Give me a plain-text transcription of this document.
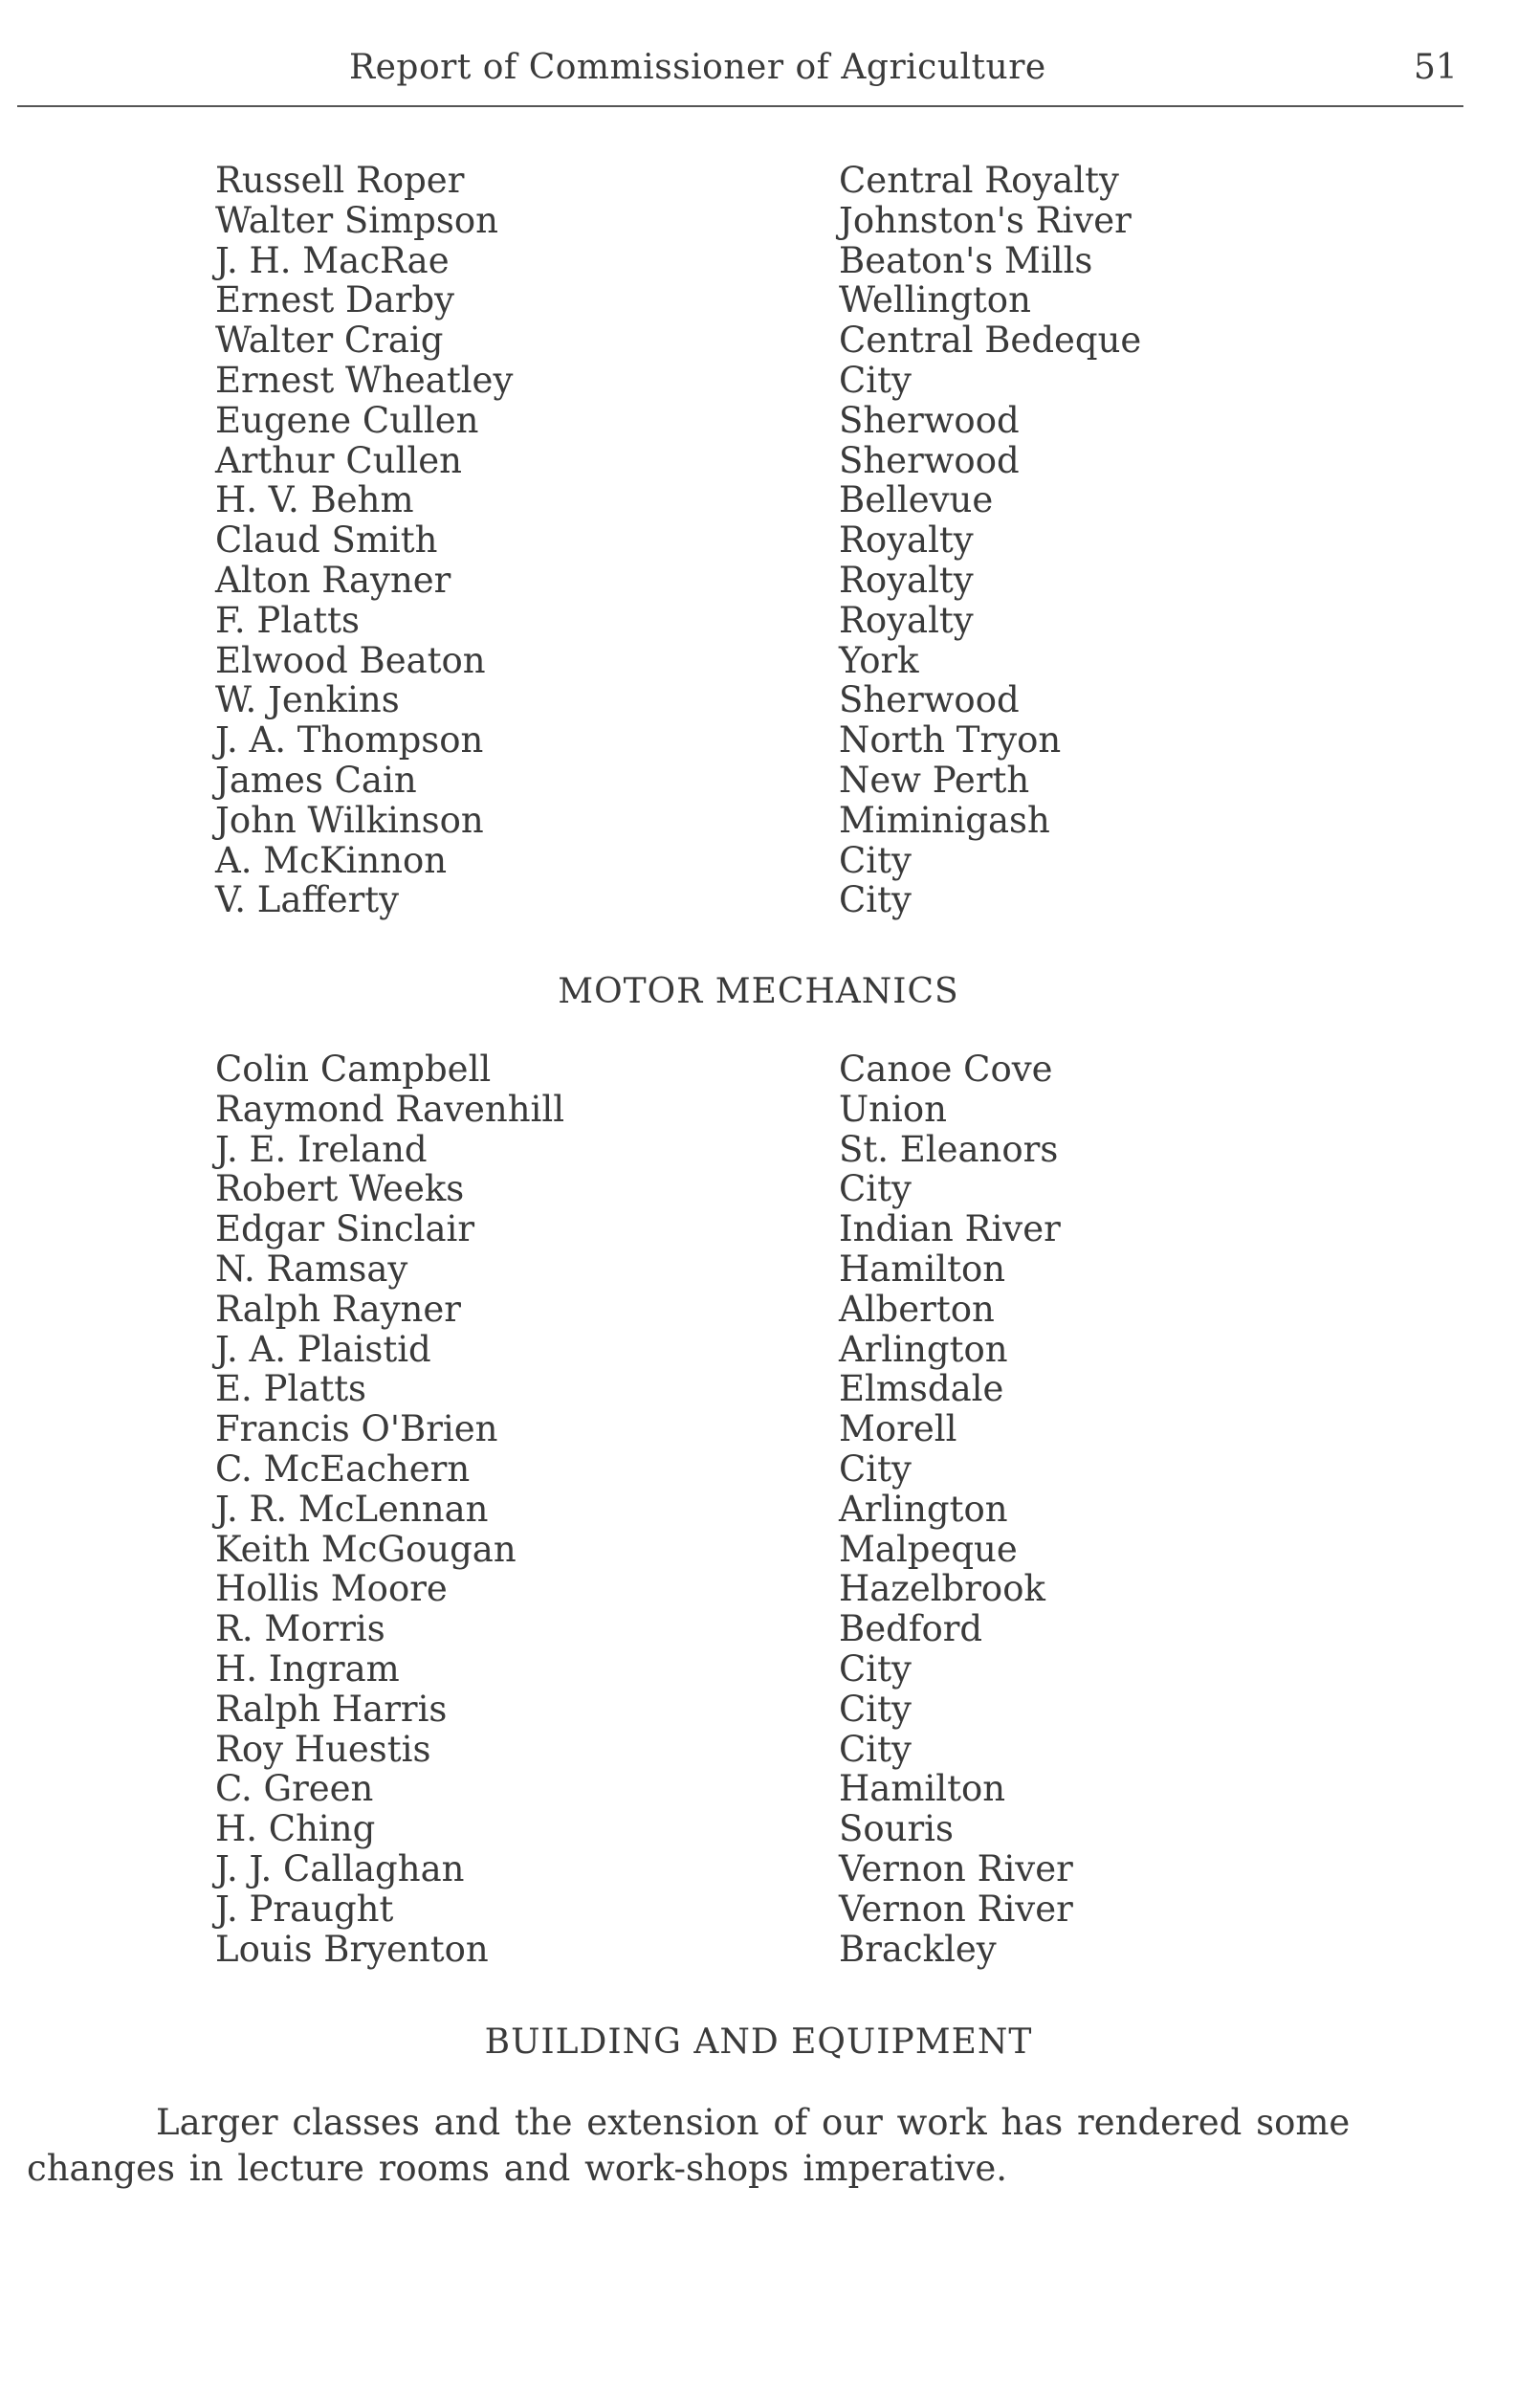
Report of Commissioner of Agriculture	51
Russell Roper	Central Royalty
Walter Simpson	Johnston's River
J. H. MacRae	Beaton's Mills
Ernest Darby	Wellington
Walter Craig	Central Bedeque
Ernest Wheatley	City
Eugene Cullen	Sherwood
Arthur Cullen	Sherwood
H. V. Behm	Bellevue
Claud Smith	Royalty
Alton Rayner	Royalty
F. Platts	Royalty
Elwood Beaton	York
W. Jenkins	Sherwood
J. A. Thompson	North Tryon
James Cain	New Perth
John Wilkinson	Miminigash
A. McKinnon	City
V. Lafferty	City
MOTOR MECHANICS
Colin Campbell	Canoe Cove
Raymond Ravenhill	Union
J. E. Ireland	St. Eleanors
Robert Weeks	City
Edgar Sinclair	Indian River
N. Ramsay	Hamilton
Ralph Rayner	Alberton
J. A. Plaistid	Arlington
E. Platts	Elmsdale
Francis O'Brien	Morell
C. McEachern	City
J. R. McLennan	Arlington
Keith McGougan	Malpeque
Hollis Moore	Hazelbrook
R. Morris	Bedford
H. Ingram	City
Ralph Harris	City
Roy Huestis	City
C. Green	Hamilton
H. Ching	Souris
J. J. Callaghan	Vernon River
J. Praught	Vernon River
Louis Bryenton	Brackley
BUILDING AND EQUIPMENT
Larger classes and the extension of our work has rendered some changes in lecture rooms and work-shops imperative.
